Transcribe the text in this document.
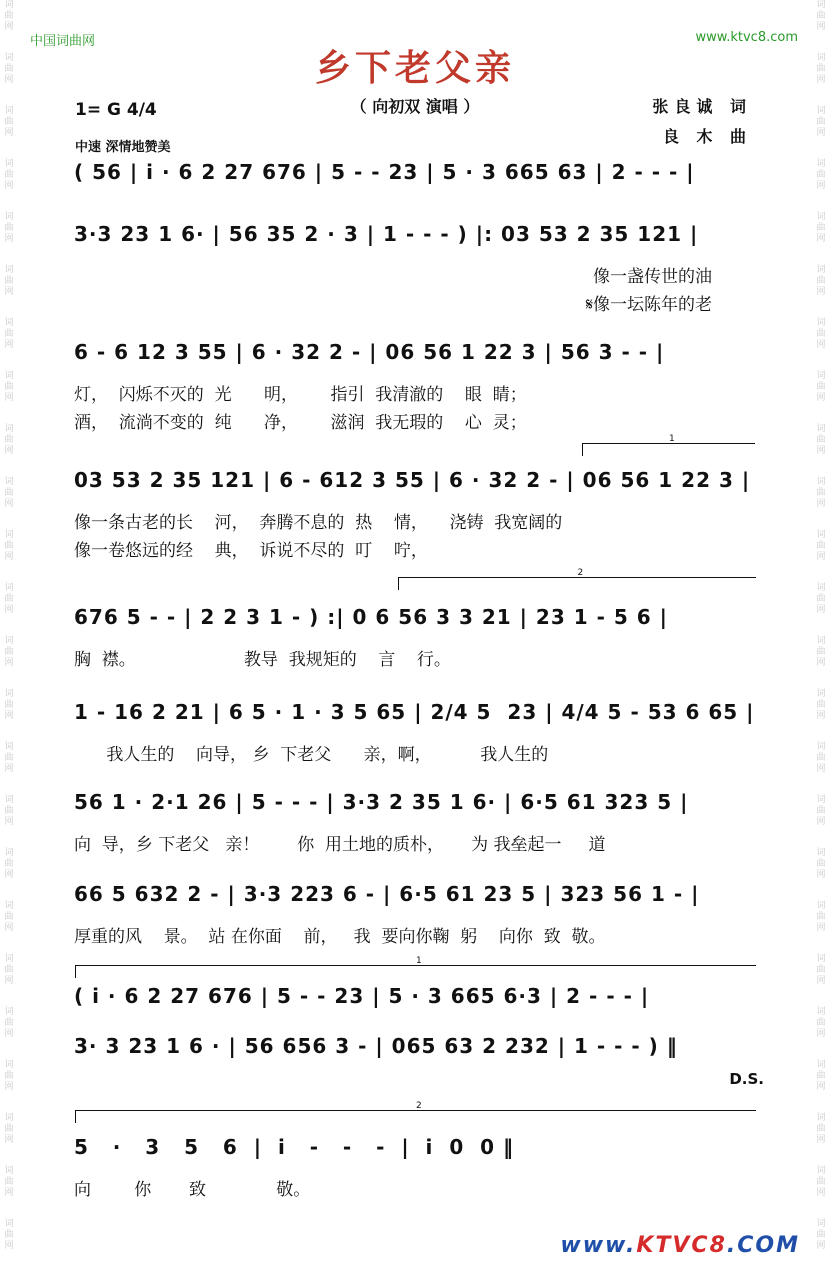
词
曲
网
词
曲
网
词
曲
网
词
曲
网
词
曲
网
词
曲
网
词
曲
网
词
曲
网
词
曲
网
词
曲
网
词
曲
网
词
曲
网
词
曲
网
词
曲
网
词
曲
网
词
曲
网
词
曲
网
词
曲
网
词
曲
网
词
曲
网
词
曲
网
词
曲
网
词
曲
网
词
曲
网
词
曲
网
词
曲
网
词
曲
网
词
曲
网
词
曲
网
词
曲
网
词
曲
网
词
曲
网
词
曲
网
词
曲
网
词
曲
网
词
曲
网
词
曲
网
词
曲
网
词
曲
网
词
曲
网
词
曲
网
词
曲
网
词
曲
网
词
曲
网
词
曲
网
词
曲
网
词
曲
网
词
曲
网
中国词曲网	www.ktvc8.com
乡下老父亲
（ 向初双 演唱 ）
1= G 4/4
中速 深情地赞美
张良诚 词
良 木 曲
( 56 | i · 6 2 27 676 | 5 - - 23 | 5 · 3 665 63 | 2 - - - |
3·3 23 1 6· | 56 35 2 · 3 | 1 - - - ) |: 03 53 2 35 121 |
像一盏传世的油
𝄋像一坛陈年的老
6 - 6 12 3 55 | 6 · 32 2 - | 06 56 1 22 3 | 56 3 - - |
灯，  闪烁不灭的  光      明，      指引  我清澈的    眼  睛；
酒，  流淌不变的  纯      净，      滋润  我无瑕的    心  灵；
03 53 2 35 121 | 6 - 612 3 55 | 6 · 32 2 - | 06 56 1 22 3 |
像一条古老的长    河，  奔腾不息的  热    情，    浇铸  我宽阔的
像一卷悠远的经    典，  诉说不尽的  叮    咛，
676 5 - - | 2 2 3 1 - ) :| 0 6 56 3 3 21 | 23 1 - 5 6 |
胸  襟。                    教导  我规矩的    言    行。
1 - 16 2 21 | 6 5 · 1 · 3 5 65 | 2/4 5  23 | 4/4 5 - 53 6 65 |
我人生的    向导， 乡  下老父      亲，啊，         我人生的
56 1 · 2·1 26 | 5 - - - | 3·3 2 35 1 6· | 6·5 61 323 5 |
向  导，乡 下老父   亲！       你  用土地的质朴，     为 我垒起一     道
66 5 632 2 - | 3·3 223 6 - | 6·5 61 23 5 | 323 56 1 - |
厚重的风    景。  站 在你面    前，   我  要向你鞠  躬    向你  致  敬。
( i · 6 2 27 676 | 5 - - 23 | 5 · 3 665 6·3 | 2 - - - |
3· 3 23 1 6 · | 56 656 3 - | 065 63 2 232 | 1 - - - ) ‖
5   ·   3   5   6  |  i   -   -   -  |  i  0  0 ‖
向        你       致             敬。
1
2
1
2
D.S.
www.KTVC8.COM
